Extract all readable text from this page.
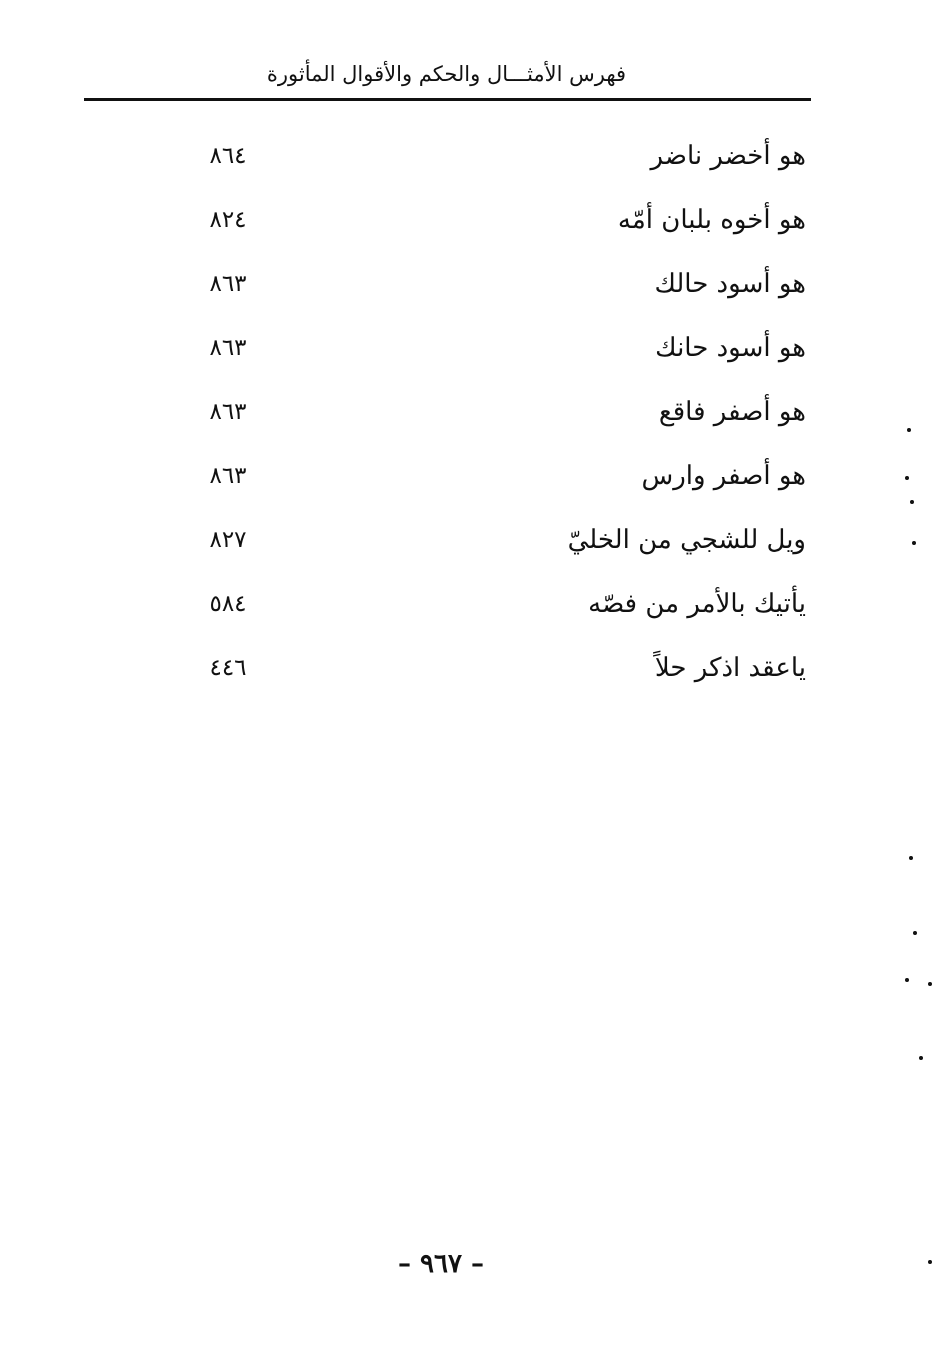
فهرس الأمثـــال والحكم والأقوال المأثورة
هو أخضر ناضر
٨٦٤
هو أخوه بلبان أمّه
٨٢٤
هو أسود حالك
٨٦٣
هو أسود حانك
٨٦٣
هو أصفر فاقع
٨٦٣
هو أصفر وارس
٨٦٣
ويل للشجي من الخليّ
٨٢٧
يأتيك بالأمر من فصّه
٥٨٤
ياعقد اذكر حلاً
٤٤٦
– ٩٦٧ –
